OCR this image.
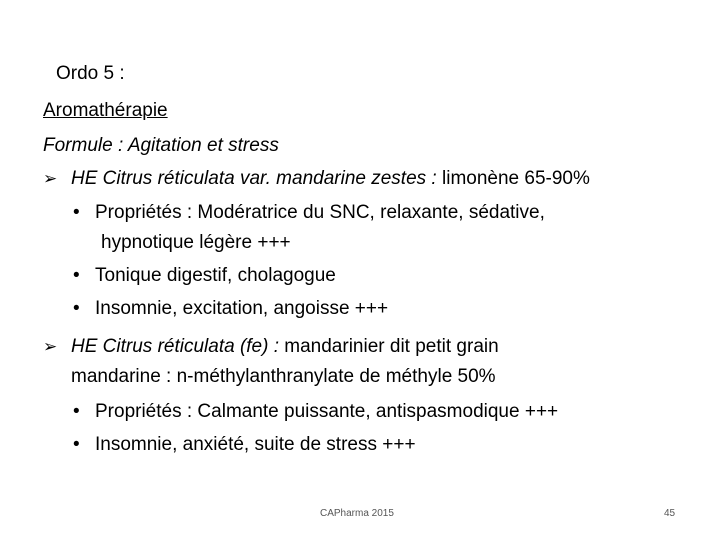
Ordo 5 :
Aromathérapie
Formule : Agitation et stress
➢ HE Citrus réticulata var. mandarine zestes : limonène 65-90%
• Propriétés : Modératrice du SNC, relaxante, sédative,
hypnotique légère +++
• Tonique digestif, cholagogue
• Insomnie, excitation, angoisse +++
➢ HE Citrus réticulata (fe) : mandarinier dit petit grain
mandarine : n-méthylanthranylate de méthyle 50%
• Propriétés : Calmante puissante, antispasmodique +++
• Insomnie, anxiété, suite de stress +++
CAPharma 2015	45
